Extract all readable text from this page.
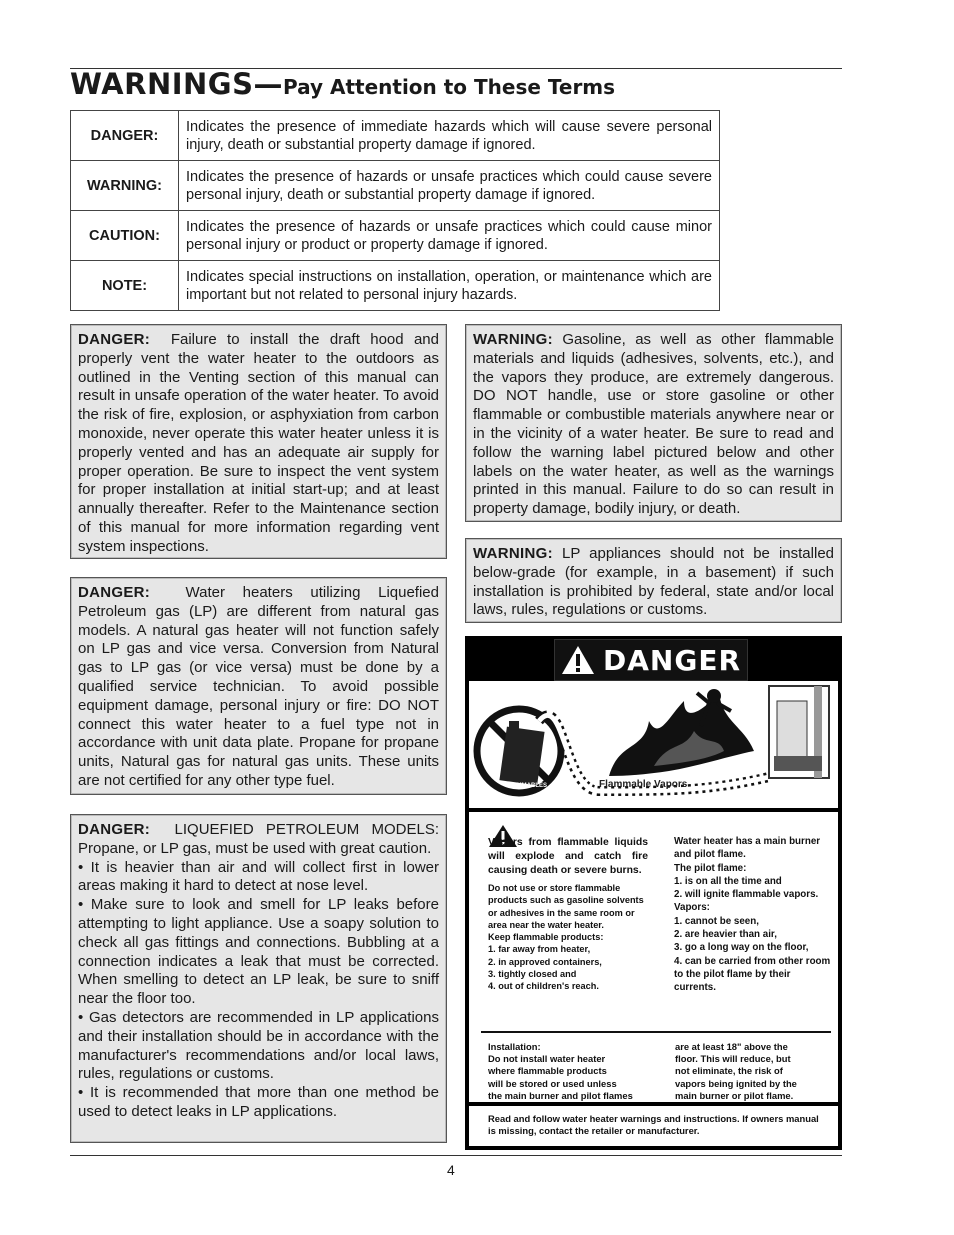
WARNINGS—Pay Attention to These Terms
DANGER:	Indicates the presence of immediate hazards which will cause severe personal injury, death or substantial property damage if ignored.
WARNING:	Indicates the presence of hazards or unsafe practices which could cause severe personal injury, death or substantial property damage if ignored.
CAUTION:	Indicates the presence of hazards or unsafe practices which could cause minor personal injury or product or property damage if ignored.
NOTE:	Indicates special instructions on installation, operation, or maintenance which are important but not related to personal injury hazards.

DANGER: Failure to install the draft hood and properly vent the water heater to the outdoors as outlined in the Venting section of this manual can result in unsafe operation of the water heater. To avoid the risk of fire, explosion, or asphyxiation from carbon monoxide, never operate this water heater unless it is properly vented and has an adequate air supply for proper operation. Be sure to inspect the vent system for proper installation at initial start-up; and at least annually thereafter. Refer to the Maintenance section of this manual for more information regarding vent system inspections.

DANGER: Water heaters utilizing Liquefied Petroleum gas (LP) are different from natural gas models. A natural gas heater will not function safely on LP gas and vice versa. Conversion from Natural gas to LP gas (or vice versa) must be done by a qualified service technician. To avoid possible equipment damage, personal injury or fire: DO NOT connect this water heater to a fuel type not in accordance with unit data plate. Propane for propane units, Natural gas for natural gas units. These units are not certified for any other type fuel.

DANGER: LIQUEFIED PETROLEUM MODELS: Propane, or LP gas, must be used with great caution.

• It is heavier than air and will collect first in lower areas making it hard to detect at nose level.

• Make sure to look and smell for LP leaks before attempting to light appliance. Use a soapy solution to check all gas fittings and connections. Bubbling at a connection indicates a leak that must be corrected. When smelling to detect an LP leak, be sure to sniff near the floor too.

• Gas detectors are recommended in LP applications and their installation should be in accordance with the manufacturer's recommendations and/or local laws, rules, regulations or customs.

• It is recommended that more than one method be used to detect leaks in LP applications.

WARNING: Gasoline, as well as other flammable materials and liquids (adhesives, solvents, etc.), and the vapors they produce, are extremely dangerous. DO NOT handle, use or store gasoline or other flammable or combustible materials anywhere near or in the vicinity of a water heater. Be sure to read and follow the warning label pictured below and other labels on the water heater, as well as the warnings printed in this manual. Failure to do so can result in property damage, bodily injury, or death.

WARNING: LP appliances should not be installed below-grade (for example, in a basement) if such installation is prohibited by federal, state and/or local laws, rules, regulations or customs.

DANGER
FLAMMABLES	Flammable Vapors
Vapors from flammable liquids will explode and catch fire causing death or severe burns.
Do not use or store flammable products such as gasoline solvents or adhesives in the same room or area near the water heater.
Keep flammable products:
1. far away from heater,
2. in approved containers,
3. tightly closed and
4. out of children's reach.
Water heater has a main burner and pilot flame.
The pilot flame:
1. is on all the time and
2. will ignite flammable vapors.
Vapors:
1. cannot be seen,
2. are heavier than air,
3. go a long way on the floor,
4. can be carried from other room to the pilot flame by their currents.
Installation:
Do not install water heater
where flammable products
will be stored or used unless
the main burner and pilot flames
are at least 18" above the
floor. This will reduce, but
not eliminate, the risk of
vapors being ignited by the
main burner or pilot flame.
Read and follow water heater warnings and instructions. If owners manual is missing, contact the retailer or manufacturer.
4
